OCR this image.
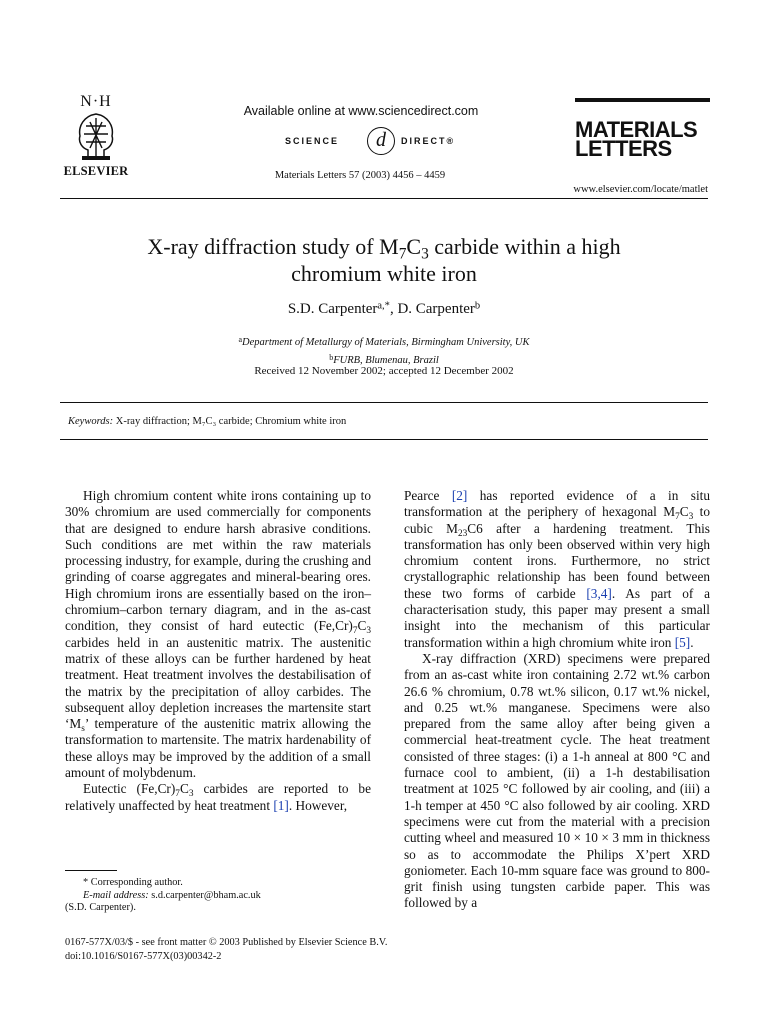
N·H
ELSEVIER
Available online at www.sciencedirect.com
SCIENCE	d	DIRECT®
Materials Letters 57 (2003) 4456 – 4459
MATERIALS
LETTERS
www.elsevier.com/locate/matlet
X-ray diffraction study of $M_7C_3$ carbide within a high
chromium white iron
S.D. Carpenter$^{a,*}$, D. Carpenter$^b$
$^a$Department of Metallurgy of Materials, Birmingham University, UK
$^b$FURB, Blumenau, Brazil
Received 12 November 2002; accepted 12 December 2002
Keywords: X-ray diffraction; M₇C₃ carbide; Chromium white iron

High chromium content white irons containing up to 30% chromium are used commercially for components that are designed to endure harsh abrasive conditions. Such conditions are met within the raw materials processing industry, for example, during the crushing and grinding of coarse aggregates and mineral-bearing ores. High chromium irons are essentially based on the iron–chromium–carbon ternary diagram, and in the as-cast condition, they consist of hard eutectic $(Fe,Cr)_7C_3$ carbides held in an austenitic matrix. The austenitic matrix of these alloys can be further hardened by heat treatment. Heat treatment involves the destabilisation of the matrix by the precipitation of alloy carbides. The subsequent alloy depletion increases the martensite start ‘$M_s$’ temperature of the austenitic matrix allowing the transformation to martensite. The matrix hardenability of these alloys may be improved by the addition of a small amount of molybdenum.

Eutectic $(Fe,Cr)_7C_3$ carbides are reported to be relatively unaffected by heat treatment [1]. However,

Pearce [2] has reported evidence of a in situ transformation at the periphery of hexagonal $M_7C_3$ to cubic $M_{23}C6$ after a hardening treatment. This transformation has only been observed within very high chromium content irons. Furthermore, no strict crystallographic relationship has been found between these two forms of carbide [3,4]. As part of a characterisation study, this paper may present a small insight into the mechanism of this particular transformation within a high chromium white iron [5].

X-ray diffraction (XRD) specimens were prepared from an as-cast white iron containing 2.72 wt.% carbon 26.6 % chromium, 0.78 wt.% silicon, 0.17 wt.% nickel, and 0.25 wt.% manganese. Specimens were also prepared from the same alloy after being given a commercial heat-treatment cycle. The heat treatment consisted of three stages: (i) a 1-h anneal at 800 °C and furnace cool to ambient, (ii) a 1-h destabilisation treatment at 1025 °C followed by air cooling, and (iii) a 1-h temper at 450 °C also followed by air cooling. XRD specimens were cut from the material with a precision cutting wheel and measured 10 × 10 × 3 mm in thickness so as to accommodate the Philips X’pert XRD goniometer. Each 10-mm square face was ground to 800-grit finish using tungsten carbide paper. This was followed by a

* Corresponding author.
E-mail address: s.d.carpenter@bham.ac.uk
(S.D. Carpenter).
0167-577X/03/$ - see front matter © 2003 Published by Elsevier Science B.V.
doi:10.1016/S0167-577X(03)00342-2
